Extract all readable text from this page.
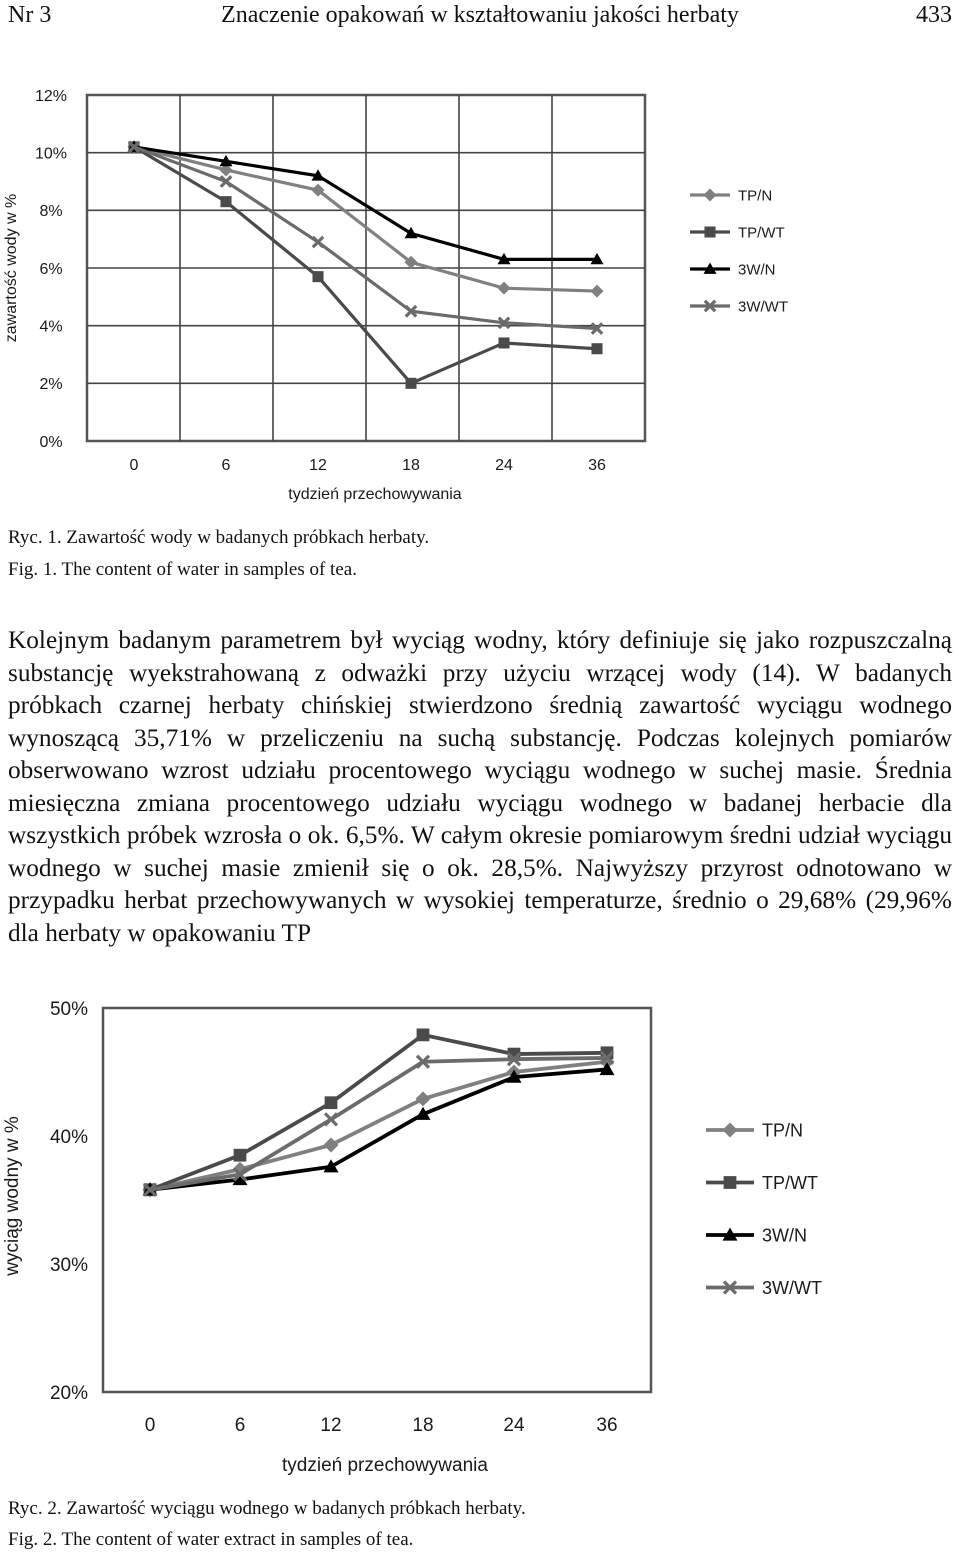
Nr 3	Znaczenie opakowań w kształtowaniu jakości herbaty	433
0%
2%
4%
6%
8%
10%
12%
0	6	12	18	24	36
tydzień przechowywania
zawartość wody w %	TP/N
TP/WT
3W/N
3W/WT
Ryc. 1. Zawartość wody w badanych próbkach herbaty.
Fig. 1. The content of water in samples of tea.

Kolejnym badanym parametrem był wyciąg wodny, który definiuje się jako rozpuszczalną substancję wyekstrahowaną z odważki przy użyciu wrzącej wody (14). W badanych próbkach czarnej herbaty chińskiej stwierdzono średnią zawartość wyciągu wodnego wynoszącą 35,71% w przeliczeniu na suchą substancję. Podczas kolejnych pomiarów obserwowano wzrost udziału procentowego wyciągu wodnego w suchej masie. Średnia miesięczna zmiana procentowego udziału wyciągu wodnego w badanej herbacie dla wszystkich próbek wzrosła o ok. 6,5%. W całym okresie pomiarowym średni udział wyciągu wodnego w suchej masie zmienił się o ok. 28,5%. Najwyższy przyrost odnotowano w przypadku herbat przechowywanych w wysokiej temperaturze, średnio o 29,68% (29,96% dla herbaty w opakowaniu TP

20%
30%
40%
50%
0	6	12	18	24	36
tydzień przechowywania
wyciąg wodny w %	TP/N
TP/WT
3W/N
3W/WT
Ryc. 2. Zawartość wyciągu wodnego w badanych próbkach herbaty.
Fig. 2. The content of water extract in samples of tea.
